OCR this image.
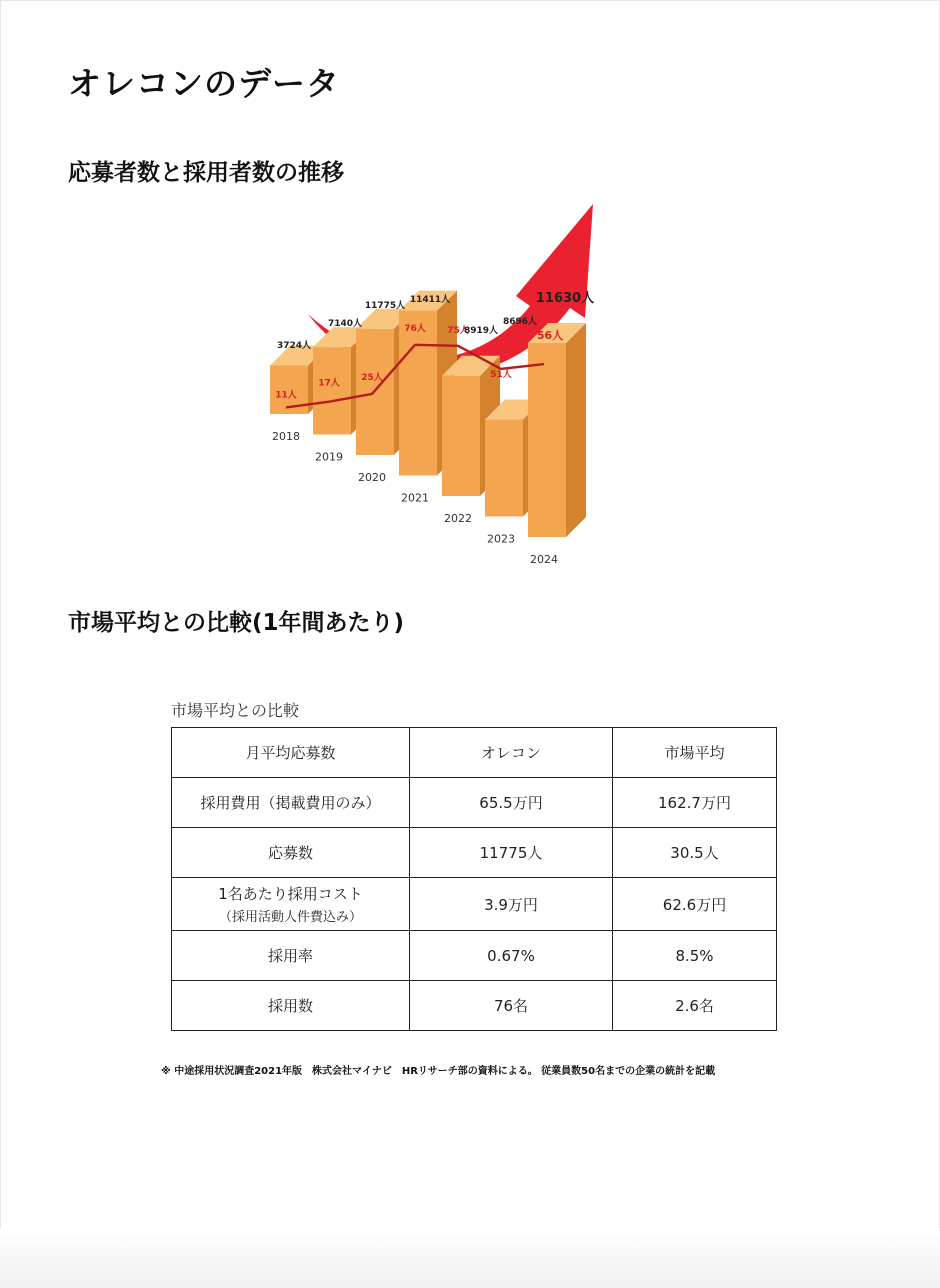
オレコンのデータ
応募者数と採用者数の推移
2018
2019
2020
2021
2022
2023
2024
11人
17人
25人
76人 75人
51人
56人
3724人
7140人
11775人
11411人
8696人
11630人
8919人
市場平均との比較(1年間あたり)
市場平均との比較
月平均応募数	オレコン	市場平均
採用費用（掲載費用のみ）	65.5万円	162.7万円
応募数	11775人	30.5人
1名あたり採用コスト
（採用活動人件費込み）	3.9万円	62.6万円
採用率	0.67%	8.5%
採用数	76名	2.6名
※ 中途採用状況調査2021年版　株式会社マイナビ　HRリサーチ部の資料による。 従業員数50名までの企業の統計を記載
